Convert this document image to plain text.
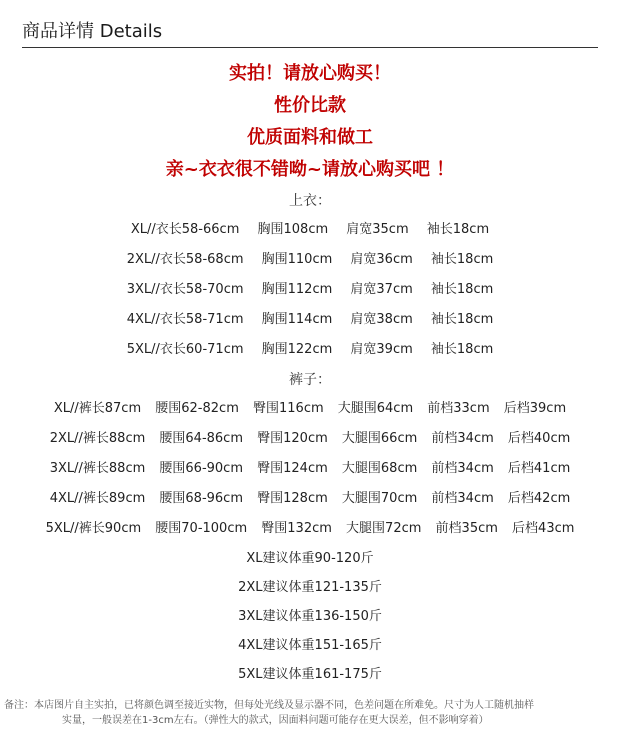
商品详情 Details
实拍！请放心购买！
性价比款
优质面料和做工
亲~衣衣很不错呦~请放心购买吧 ！
上衣：
XL//衣长58-66cm 胸围108cm 肩宽35cm 袖长18cm
2XL//衣长58-68cm 胸围110cm 肩宽36cm 袖长18cm
3XL//衣长58-70cm 胸围112cm 肩宽37cm 袖长18cm
4XL//衣长58-71cm 胸围114cm 肩宽38cm 袖长18cm
5XL//衣长60-71cm 胸围122cm 肩宽39cm 袖长18cm
裤子：
XL//裤长87cm 腰围62-82cm 臀围116cm 大腿围64cm 前档33cm 后档39cm
2XL//裤长88cm 腰围64-86cm 臀围120cm 大腿围66cm 前档34cm 后档40cm
3XL//裤长88cm 腰围66-90cm 臀围124cm 大腿围68cm 前档34cm 后档41cm
4XL//裤长89cm 腰围68-96cm 臀围128cm 大腿围70cm 前档34cm 后档42cm
5XL//裤长90cm 腰围70-100cm 臀围132cm 大腿围72cm 前档35cm 后档43cm
XL建议体重90-120斤
2XL建议体重121-135斤
3XL建议体重136-150斤
4XL建议体重151-165斤
5XL建议体重161-175斤
备注：本店图片自主实拍，已将颜色调至接近实物，但每处光线及显示器不同，色差问题在所难免。尺寸为人工随机抽样
实量，一般误差在1-3cm左右。（弹性大的款式，因面料问题可能存在更大误差，但不影响穿着）
